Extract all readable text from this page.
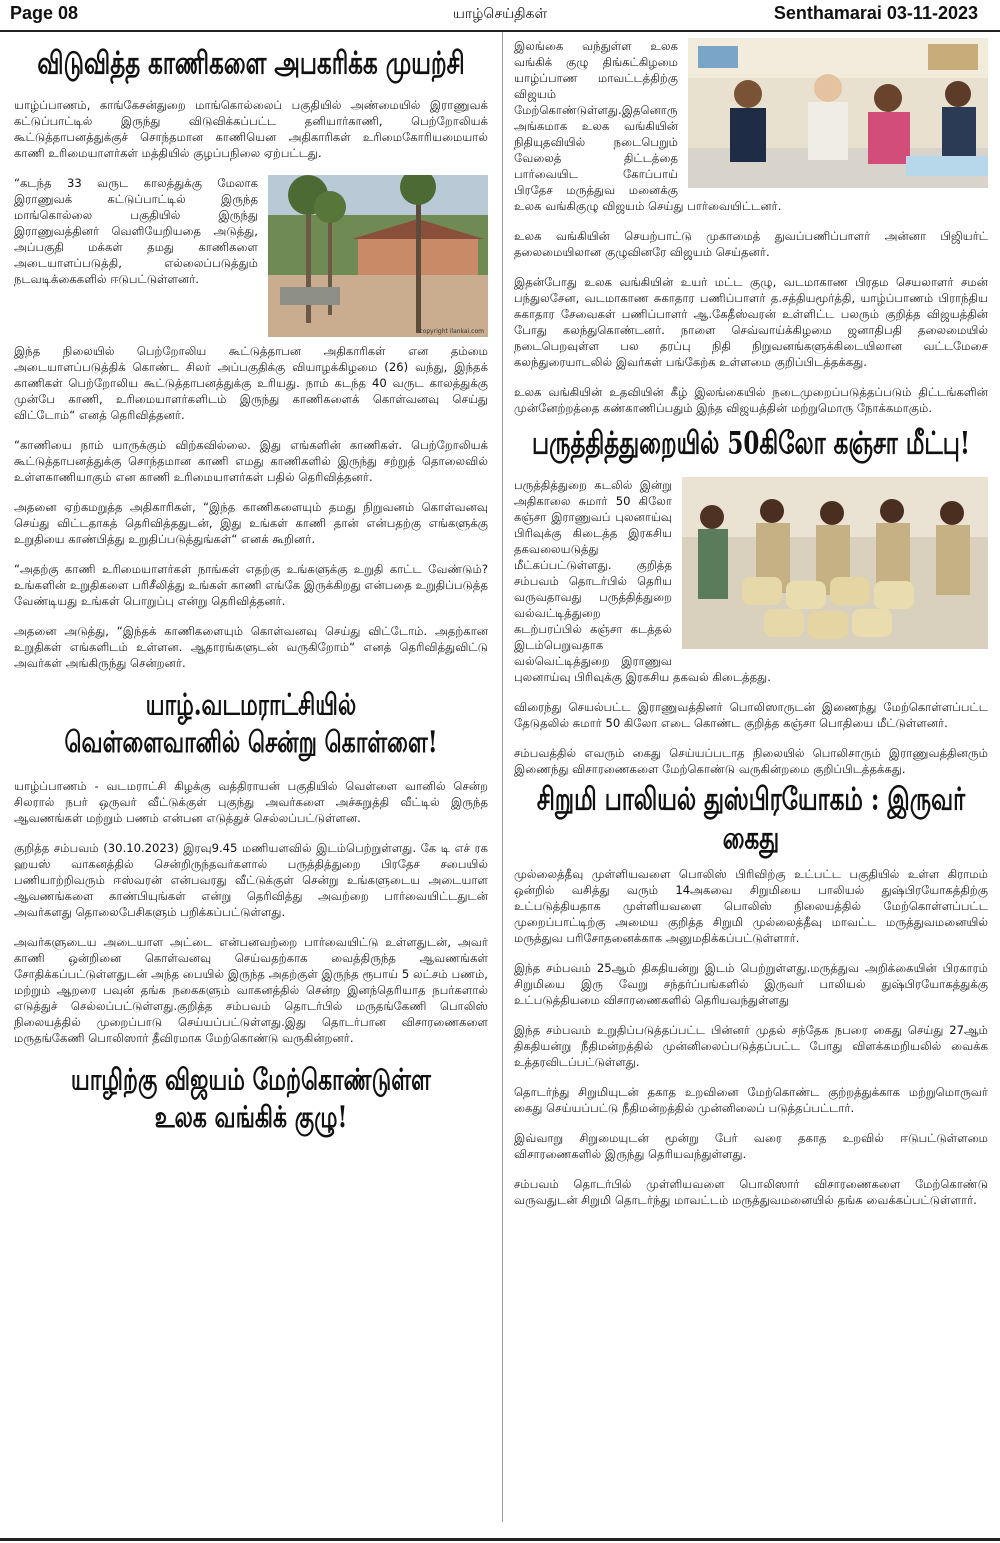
Page 08	யாழ்செய்திகள்	Senthamarai 03-11-2023
விடுவித்த காணிகளை அபகரிக்க முயற்சி

யாழ்ப்பாணம், காங்கேசன்துறை மாங்கொல்லைப் பகுதியில் அண்மையில் இராணுவக் கட்டுப்பாட்டில் இருந்து விடுவிக்கப்பட்ட தனியார்காணி, பெற்றோலியக் கூட்டுத்தாபனத்துக்குச் சொந்தமான காணியென அதிகாரிகள் உரிமைகோரியமையால் காணி உரிமையாளர்கள் மத்தியில் குழப்பநிலை ஏற்பட்டது.

copyright ilankai.com

“கடந்த 33 வருட காலத்துக்கு மேலாக இராணுவக் கட்டுப்பாட்டில் இருந்த மாங்கொல்லை பகுதியில் இருந்து இராணுவத்தினர் வெளியேறியதை அடுத்து, அப்பகுதி மக்கள் தமது காணிகளை அடையாளப்படுத்தி, எல்லைப்படுத்தும் நடவடிக்கைகளில் ஈடுபட்டுள்ளனர்.

இந்த நிலையில் பெற்றோலிய கூட்டுத்தாபன அதிகாரிகள் என தம்மை அடையாளப்படுத்திக் கொண்ட சிலர் அப்பகுதிக்கு வியாழக்கிழமை (26) வந்து, இந்தக் காணிகள் பெற்றோலிய கூட்டுத்தாபனத்துக்கு உரியது. நாம் கடந்த 40 வருட காலத்துக்கு முன்பே காணி, உரிமையாளர்களிடம் இருந்து காணிகளைக் கொள்வனவு செய்து விட்டோம்“ எனத் தெரிவித்தனர்.

“காணியை நாம் யாருக்கும் விற்கவில்லை. இது எங்களின் காணிகள். பெற்றோலியக் கூட்டுத்தாபனத்துக்கு சொந்தமான காணி எமது காணிகளில் இருந்து சற்றுத் தொலைவில் உள்ளகாணியாகும் என காணி உரிமையாளர்கள் பதில் தெரிவித்தனர்.

அதனை ஏற்கமறுத்த அதிகாரிகள், “இந்த காணிகளையும் தமது நிறுவனம் கொள்வனவு செய்து விட்டதாகத் தெரிவித்ததுடன், இது உங்கள் காணி தான் என்பதற்கு எங்களுக்கு உறுதியை காண்பித்து உறுதிப்படுத்துங்கள்“ எனக் கூறினர்.

“அதற்கு காணி உரிமையாளர்கள் நாங்கள் எதற்கு உங்களுக்கு உறுதி காட்ட வேண்டும்? உங்களின் உறுதிகளை பரிசீலித்து உங்கள் காணி எங்கே இருக்கிறது என்பதை உறுதிப்படுத்த வேண்டியது உங்கள் பொறுப்பு என்று தெரிவித்தனர்.

அதனை அடுத்து, “இந்தக் காணிகளையும் கொள்வனவு செய்து விட்டோம். அதற்கான உறுதிகள் எங்களிடம் உள்ளன. ஆதாரங்களுடன் வருகிறோம்“ எனத் தெரிவித்துவிட்டு அவர்கள் அங்கிருந்து சென்றனர்.

யாழ்.வடமராட்சியில்
வெள்ளைவானில் சென்று கொள்ளை!

யாழ்ப்பாணம் - வடமராட்சி கிழக்கு வத்திராயன் பகுதியில் வெள்ளை வானில் சென்ற சிலரால் நபர் ஒருவர் வீட்டுக்குள் புகுந்து அவர்களை அச்சுறுத்தி வீட்டில் இருந்த ஆவணங்கள் மற்றும் பணம் என்பன எடுத்துச் செல்லப்பட்டுள்ளன.

குறித்த சம்பவம் (30.10.2023) இரவு9.45 மணியளவில் இடம்பெற்றுள்ளது. கே டி எச் ரக ஹயஸ் வாகனத்தில் சென்றிருந்தவர்களால் பருத்தித்துறை பிரதேச சபையில் பணியாற்றிவரும் ஈஸ்வரன் என்பவரது வீட்டுக்குள் சென்று உங்களுடைய அடையாள ஆவணங்களை காண்பியுங்கள் என்று தெரிவித்து அவற்றை பார்வையிட்டதுடன் அவர்களது தொலைபேசிகளும் பறிக்கப்பட்டுள்ளது.

அவர்களுடைய அடையாள அட்டை என்பனவற்றை பார்வையிட்டு உள்ளதுடன், அவர் காணி ஒன்றினை கொள்வனவு செய்வதற்காக வைத்திருந்த ஆவணங்கள் சோதிக்கப்பட்டுள்ளதுடன் அந்த பையில் இருந்த அதற்குள் இருந்த ரூபாய் 5 லட்சம் பணம், மற்றும் ஆறரை பவுன் தங்க நகைகளும் வாகனத்தில் சென்ற இனந்தெரியாத நபர்களால் எடுத்துச் செல்லப்பட்டுள்ளது.குறித்த சம்பவம் தொடர்பில் மருதங்கேணி பொலிஸ் நிலையத்தில் முறைப்பாடு செய்யப்பட்டுள்ளது.இது தொடர்பான விசாரணைகளை மருதங்கேணி பொலிஸார் தீவிரமாக மேற்கொண்டு வருகின்றனர்.

யாழிற்கு விஜயம் மேற்கொண்டுள்ள
உலக வங்கிக் குழு!

இலங்கை வந்துள்ள உலக வங்கிக் குழு திங்கட்கிழமை யாழ்ப்பாண மாவட்டத்திற்கு விஜயம் மேற்கொண்டுள்ளது.இதனொரு அங்கமாக உலக வங்கியின் நிதியுதவியில் நடைபெறும் வேலைத் திட்டத்தை பார்வையிட கோப்பாய் பிரதேச மருத்துவ மனைக்கு உலக வங்கிகுழு விஜயம் செய்து பார்வையிட்டனர்.

உலக வங்கியின் செயற்பாட்டு முகாமைத் துவப்பணிப்பாளர் அன்னா பிஜியர்ட் தலைமையிலான குழுவினரே விஜயம் செய்தனர்.

இதன்போது உலக வங்கியின் உயர் மட்ட குழு, வடமாகாண பிரதம செயலாளர் சமன் பந்துலசேன, வடமாகாண சுகாதார பணிப்பாளர் த.சத்தியமூர்த்தி, யாழ்ப்பாணம் பிராந்திய சுகாதார சேவைகள் பணிப்பாளர் ஆ.கேதீஸ்வரன் உள்ளிட்ட பலரும் குறித்த விஜயத்தின் போது கலந்துகொண்டனர். நாளை செவ்வாய்க்கிழமை ஜனாதிபதி தலைமையில் நடைபெறவுள்ள பல தரப்பு நிதி நிறுவனங்களுக்கிடையிலான வட்டமேசை கலந்துரையாடலில் இவர்கள் பங்கேற்க உள்ளமை குறிப்பிடத்தக்கது.

உலக வங்கியின் உதவியின் கீழ் இலங்கையில் நடைமுறைப்படுத்தப்படும் திட்டங்களின் முன்னேற்றத்தை கண்காணிப்பதும் இந்த விஜயத்தின் மற்றுமொரு நோக்கமாகும்.

பருத்தித்துறையில் 50கிலோ கஞ்சா மீட்பு!

பருத்தித்துறை கடலில் இன்று அதிகாலை சுமார் 50 கிலோ கஞ்சா இராணுவப் புலனாய்வு பிரிவுக்கு கிடைத்த இரகசிய தகவலையடுத்து மீட்கப்பட்டுள்ளது. குறித்த சம்பவம் தொடர்பில் தெரிய வருவதாவது பருத்தித்துறை வல்வட்டித்துறை கடற்பரப்பில் கஞ்சா கடத்தல் இடம்பெறுவதாக வல்வெட்டித்துறை இராணுவ புலனாய்வு பிரிவுக்கு இரகசிய தகவல் கிடைத்தது.

விரைந்து செயல்பட்ட இராணுவத்தினர் பொலிஸாருடன் இணைந்து மேற்கொள்ளப்பட்ட தேடுதலில் சுமார் 50 கிலோ எடை கொண்ட குறித்த கஞ்சா பொதியை மீட்டுள்ளனர்.

சம்பவத்தில் எவரும் கைது செய்யப்படாத நிலையில் பொலிசாரும் இராணுவத்தினரும் இணைந்து விசாரணைகளை மேற்கொண்டு வருகின்றமை குறிப்பிடத்தக்கது.

சிறுமி பாலியல் துஸ்பிரயோகம் : இருவர் கைது

முல்லைத்தீவு முள்ளியவளை பொலிஸ் பிரிவிற்கு உட்பட்ட பகுதியில் உள்ள கிராமம் ஒன்றில் வசித்து வரும் 14அகவை சிறுமியை பாலியல் துஷ்பிரயோகத்திற்கு உட்படுத்தியதாக முள்ளியவளை பொலிஸ் நிலையத்தில் மேற்கொள்ளப்பட்ட முறைப்பாட்டிற்கு அமைய குறித்த சிறுமி முல்லைத்தீவு மாவட்ட மருத்துவமனையில் மருத்துவ பரிசோதனைக்காக அனுமதிக்கப்பட்டுள்ளார்.

இந்த சம்பவம் 25ஆம் திகதியன்று இடம் பெற்றுள்ளது.மருத்துவ அறிக்கையின் பிரகாரம் சிறுமியை இரு வேறு சந்தர்ப்பங்களில் இருவர் பாலியல் துஷ்பிரயோகத்துக்கு உட்படுத்தியமை விசாரணைகளில் தெரியவந்துள்ளது

இந்த சம்பவம் உறுதிப்படுத்தப்பட்ட பின்னர் முதல் சந்தேக நபரை கைது செய்து 27ஆம் திகதியன்று நீதிமன்றத்தில் முன்னிலைப்படுத்தப்பட்ட போது விளக்கமறியலில் வைக்க உத்தரவிடப்பட்டுள்ளது.

தொடர்ந்து சிறுமியுடன் தகாத உறவினை மேற்கொண்ட குற்றத்துக்காக மற்றுமொருவர் கைது செய்யப்பட்டு நீதிமன்றத்தில் முன்னிலைப் படுத்தப்பட்டார்.

இவ்வாறு சிறுமையுடன் மூன்று பேர் வரை தகாத உறவில் ஈடுபட்டுள்ளமை விசாரணைகளில் இருந்து தெரியவந்துள்ளது.

சம்பவம் தொடர்பில் முள்ளியவளை பொலிஸார் விசாரணைகளை மேற்கொண்டு வருவதுடன் சிறுமி தொடர்ந்து மாவட்டம் மருத்துவமனையில் தங்க வைக்கப்பட்டுள்ளார்.
